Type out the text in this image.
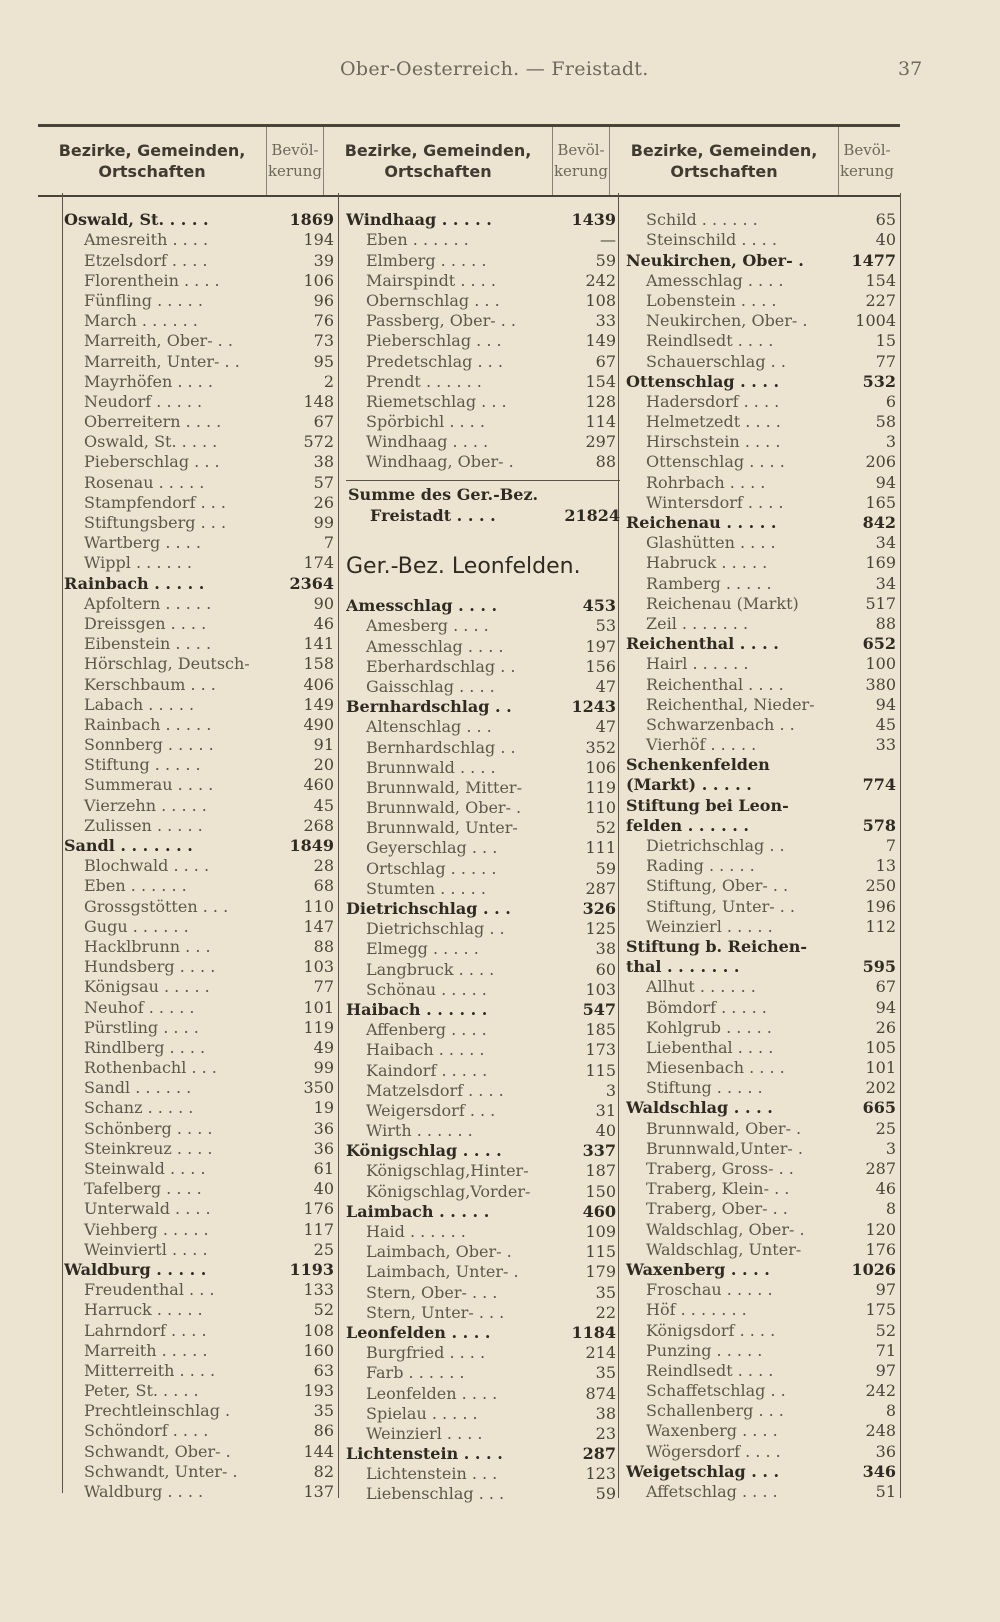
Ober-Oesterreich. — Freistadt.	37
Bezirke, Gemeinden, Ortschaften
Bevöl- kerung
Bezirke, Gemeinden, Ortschaften
Bevöl- kerung
Bezirke, Gemeinden, Ortschaften
Bevöl- kerung
Oswald, St. . . . .	1869
Amesreith . . . .	194
Etzelsdorf . . . .	39
Florenthein . . . .	106
Fünfling . . . . .	96
March . . . . . .	76
Marreith, Ober- . .	73
Marreith, Unter- . .	95
Mayrhöfen . . . .	2
Neudorf . . . . .	148
Oberreitern . . . .	67
Oswald, St. . . . .	572
Pieberschlag . . .	38
Rosenau . . . . .	57
Stampfendorf . . .	26
Stiftungsberg . . .	99
Wartberg . . . .	7
Wippl . . . . . .	174
Rainbach . . . . .	2364
Apfoltern . . . . .	90
Dreissgen . . . .	46
Eibenstein . . . .	141
Hörschlag, Deutsch-	158
Kerschbaum . . .	406
Labach . . . . .	149
Rainbach . . . . .	490
Sonnberg . . . . .	91
Stiftung . . . . .	20
Summerau . . . .	460
Vierzehn . . . . .	45
Zulissen . . . . .	268
Sandl . . . . . . .	1849
Blochwald . . . .	28
Eben . . . . . .	68
Grossgstötten . . .	110
Gugu . . . . . .	147
Hacklbrunn . . .	88
Hundsberg . . . .	103
Königsau . . . . .	77
Neuhof . . . . .	101
Pürstling . . . .	119
Rindlberg . . . .	49
Rothenbachl . . .	99
Sandl . . . . . .	350
Schanz . . . . .	19
Schönberg . . . .	36
Steinkreuz . . . .	36
Steinwald . . . .	61
Tafelberg . . . .	40
Unterwald . . . .	176
Viehberg . . . . .	117
Weinviertl . . . .	25
Waldburg . . . . .	1193
Freudenthal . . .	133
Harruck . . . . .	52
Lahrndorf . . . .	108
Marreith . . . . .	160
Mitterreith . . . .	63
Peter, St. . . . .	193
Prechtleinschlag .	35
Schöndorf . . . .	86
Schwandt, Ober- .	144
Schwandt, Unter- .	82
Waldburg . . . .	137
Windhaag . . . . .	1439
Eben . . . . . .	—
Elmberg . . . . .	59
Mairspindt . . . .	242
Obernschlag . . .	108
Passberg, Ober- . .	33
Pieberschlag . . .	149
Predetschlag . . .	67
Prendt . . . . . .	154
Riemetschlag . . .	128
Spörbichl . . . .	114
Windhaag . . . .	297
Windhaag, Ober- .	88
Summe des Ger.-Bez.
Freistadt . . . .	21824
Ger.-Bez. Leonfelden.
Amesschlag . . . .	453
Amesberg . . . .	53
Amesschlag . . . .	197
Eberhardschlag . .	156
Gaisschlag . . . .	47
Bernhardschlag . .	1243
Altenschlag . . .	47
Bernhardschlag . .	352
Brunnwald . . . .	106
Brunnwald, Mitter-	119
Brunnwald, Ober- .	110
Brunnwald, Unter-	52
Geyerschlag . . .	111
Ortschlag . . . . .	59
Stumten . . . . .	287
Dietrichschlag . . .	326
Dietrichschlag . .	125
Elmegg . . . . .	38
Langbruck . . . .	60
Schönau . . . . .	103
Haibach . . . . . .	547
Affenberg . . . .	185
Haibach . . . . .	173
Kaindorf . . . . .	115
Matzelsdorf . . . .	3
Weigersdorf . . .	31
Wirth . . . . . .	40
Königschlag . . . .	337
Königschlag,Hinter-	187
Königschlag,Vorder-	150
Laimbach . . . . .	460
Haid . . . . . .	109
Laimbach, Ober- .	115
Laimbach, Unter- .	179
Stern, Ober- . . .	35
Stern, Unter- . . .	22
Leonfelden . . . .	1184
Burgfried . . . .	214
Farb . . . . . .	35
Leonfelden . . . .	874
Spielau . . . . .	38
Weinzierl . . . .	23
Lichtenstein . . . .	287
Lichtenstein . . .	123
Liebenschlag . . .	59
Schild . . . . . .	65
Steinschild . . . .	40
Neukirchen, Ober- .	1477
Amesschlag . . . .	154
Lobenstein . . . .	227
Neukirchen, Ober- .	1004
Reindlsedt . . . .	15
Schauerschlag . .	77
Ottenschlag . . . .	532
Hadersdorf . . . .	6
Helmetzedt . . . .	58
Hirschstein . . . .	3
Ottenschlag . . . .	206
Rohrbach . . . .	94
Wintersdorf . . . .	165
Reichenau . . . . .	842
Glashütten . . . .	34
Habruck . . . . .	169
Ramberg . . . . .	34
Reichenau (Markt)	517
Zeil . . . . . . .	88
Reichenthal . . . .	652
Hairl . . . . . .	100
Reichenthal . . . .	380
Reichenthal, Nieder-	94
Schwarzenbach . .	45
Vierhöf . . . . .	33
Schenkenfelden
(Markt) . . . . .	774
Stiftung bei Leon-
felden . . . . . .	578
Dietrichschlag . .	7
Rading . . . . .	13
Stiftung, Ober- . .	250
Stiftung, Unter- . .	196
Weinzierl . . . . .	112
Stiftung b. Reichen-
thal . . . . . . .	595
Allhut . . . . . .	67
Bömdorf . . . . .	94
Kohlgrub . . . . .	26
Liebenthal . . . .	105
Miesenbach . . . .	101
Stiftung . . . . .	202
Waldschlag . . . .	665
Brunnwald, Ober- .	25
Brunnwald,Unter- .	3
Traberg, Gross- . .	287
Traberg, Klein- . .	46
Traberg, Ober- . .	8
Waldschlag, Ober- .	120
Waldschlag, Unter-	176
Waxenberg . . . .	1026
Froschau . . . . .	97
Höf . . . . . . .	175
Königsdorf . . . .	52
Punzing . . . . .	71
Reindlsedt . . . .	97
Schaffetschlag . .	242
Schallenberg . . .	8
Waxenberg . . . .	248
Wögersdorf . . . .	36
Weigetschlag . . .	346
Affetschlag . . . .	51
